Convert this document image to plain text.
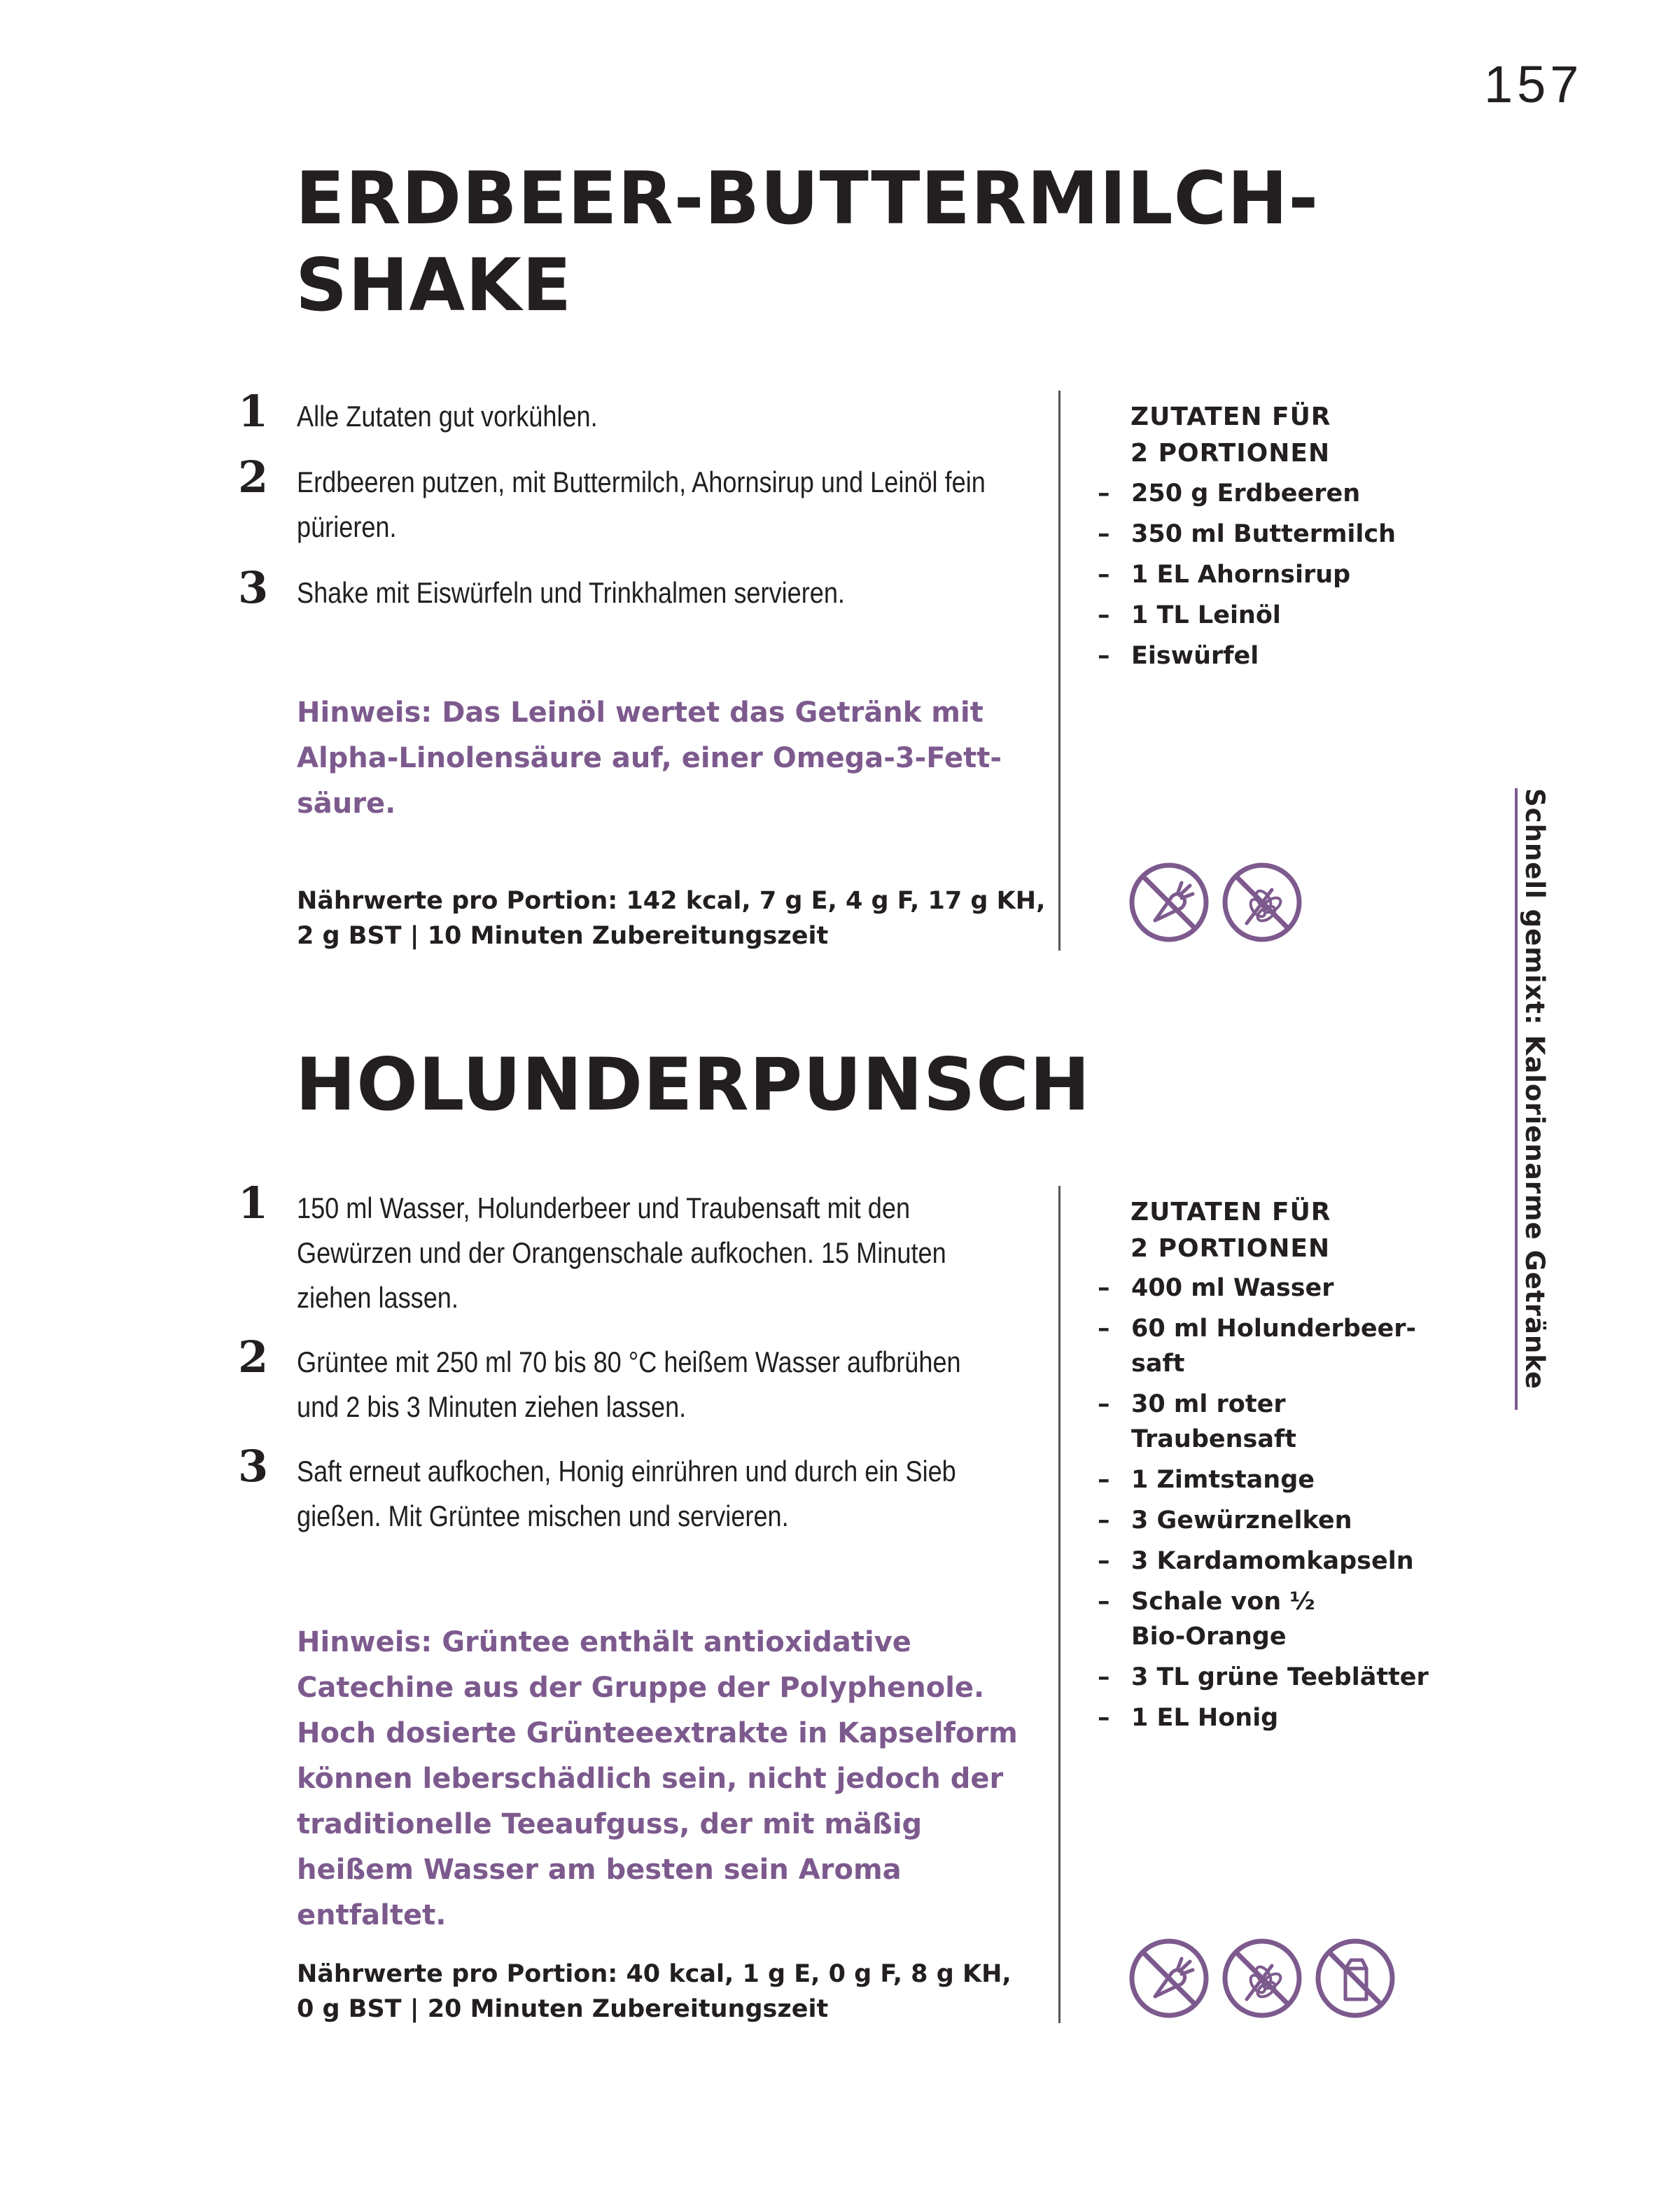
157
Schnell gemixt: Kalorienarme Getränke
ERDBEER-BUTTERMILCH-
SHAKE
1 Alle Zutaten gut vorkühlen.
2 Erdbeeren putzen, mit Buttermilch, Ahornsirup und Leinöl fein pürieren.
3 Shake mit Eiswürfeln und Trinkhalmen servieren.

Hinweis: Das Leinöl wertet das Getränk mit Alpha-Linolensäure auf, einer Omega-3-Fettsäure.

Nährwerte pro Portion: 142 kcal, 7 g E, 4 g F, 17 g KH,
2 g BST | 10 Minuten Zubereitungszeit
ZUTATEN FÜR
2 PORTIONEN
– 250 g Erdbeeren
– 350 ml Buttermilch
– 1 EL Ahornsirup
– 1 TL Leinöl
– Eiswürfel
HOLUNDERPUNSCH
1 150 ml Wasser, Holunderbeer und Traubensaft mit den Gewürzen und der Orangenschale aufkochen. 15 Minuten ziehen lassen.
2 Grüntee mit 250 ml 70 bis 80 °C heißem Wasser aufbrühen und 2 bis 3 Minuten ziehen lassen.
3 Saft erneut aufkochen, Honig einrühren und durch ein Sieb gießen. Mit Grüntee mischen und servieren.

Hinweis: Grüntee enthält antioxidative Catechine aus der Gruppe der Polyphenole. Hoch dosierte Grünteeextrakte in Kapselform können leberschädlich sein, nicht jedoch der traditionelle Teeaufguss, der mit mäßig heißem Wasser am besten sein Aroma entfaltet.

Nährwerte pro Portion: 40 kcal, 1 g E, 0 g F, 8 g KH,
0 g BST | 20 Minuten Zubereitungszeit
ZUTATEN FÜR
2 PORTIONEN
– 400 ml Wasser
– 60 ml Holunderbeer-saft
– 30 ml roter Traubensaft
– 1 Zimtstange
– 3 Gewürznelken
– 3 Kardamomkapseln
– Schale von ½ Bio-Orange
– 3 TL grüne Teeblätter
– 1 EL Honig
